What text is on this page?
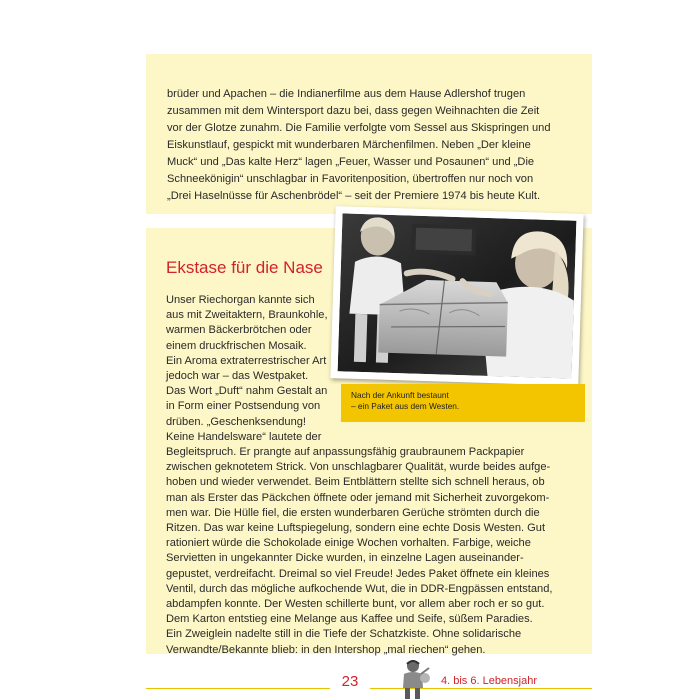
brüder und Apachen – die Indianerfilme aus dem Hause Adlershof trugen
zusammen mit dem Wintersport dazu bei, dass gegen Weihnachten die Zeit
vor der Glotze zunahm. Die Familie verfolgte vom Sessel aus Skispringen und
Eiskunstlauf, gespickt mit wunderbaren Märchenfilmen. Neben „Der kleine
Muck“ und „Das kalte Herz“ lagen „Feuer, Wasser und Posaunen“ und „Die
Schneekönigin“ unschlagbar in Favoritenposition, übertroffen nur noch von
„Drei Haselnüsse für Aschenbrödel“ – seit der Premiere 1974 bis heute Kult.
Ekstase für die Nase
Unser Riechorgan kannte sich
aus mit Zweitaktern, Braunkohle,
warmen Bäckerbrötchen oder
einem druckfrischen Mosaik.
Ein Aroma extraterrestrischer Art
jedoch war – das Westpaket.
Das Wort „Duft“ nahm Gestalt an
in Form einer Postsendung von
drüben. „Geschenksendung!
Keine Handelsware“ lautete der
Begleitspruch. Er prangte auf anpassungsfähig graubraunem Packpapier
zwischen geknotetem Strick. Von unschlagbarer Qualität, wurde beides aufge-
hoben und wieder verwendet. Beim Entblättern stellte sich schnell heraus, ob
man als Erster das Päckchen öffnete oder jemand mit Sicherheit zuvorgekom-
men war. Die Hülle fiel, die ersten wunderbaren Gerüche strömten durch die
Ritzen. Das war keine Luftspiegelung, sondern eine echte Dosis Westen. Gut
rationiert würde die Schokolade einige Wochen vorhalten. Farbige, weiche
Servietten in ungekannter Dicke wurden, in einzelne Lagen auseinander-
gepustet, verdreifacht. Dreimal so viel Freude! Jedes Paket öffnete ein kleines
Ventil, durch das mögliche aufkochende Wut, die in DDR-Engpässen entstand,
abdampfen konnte. Der Westen schillerte bunt, vor allem aber roch er so gut.
Dem Karton entstieg eine Melange aus Kaffee und Seife, süßem Paradies.
Ein Zweiglein nadelte still in die Tiefe der Schatzkiste. Ohne solidarische
Verwandte/Bekannte blieb: in den Intershop „mal riechen“ gehen.
Nach der Ankunft bestaunt
– ein Paket aus dem Westen.
23	4. bis 6. Lebensjahr
